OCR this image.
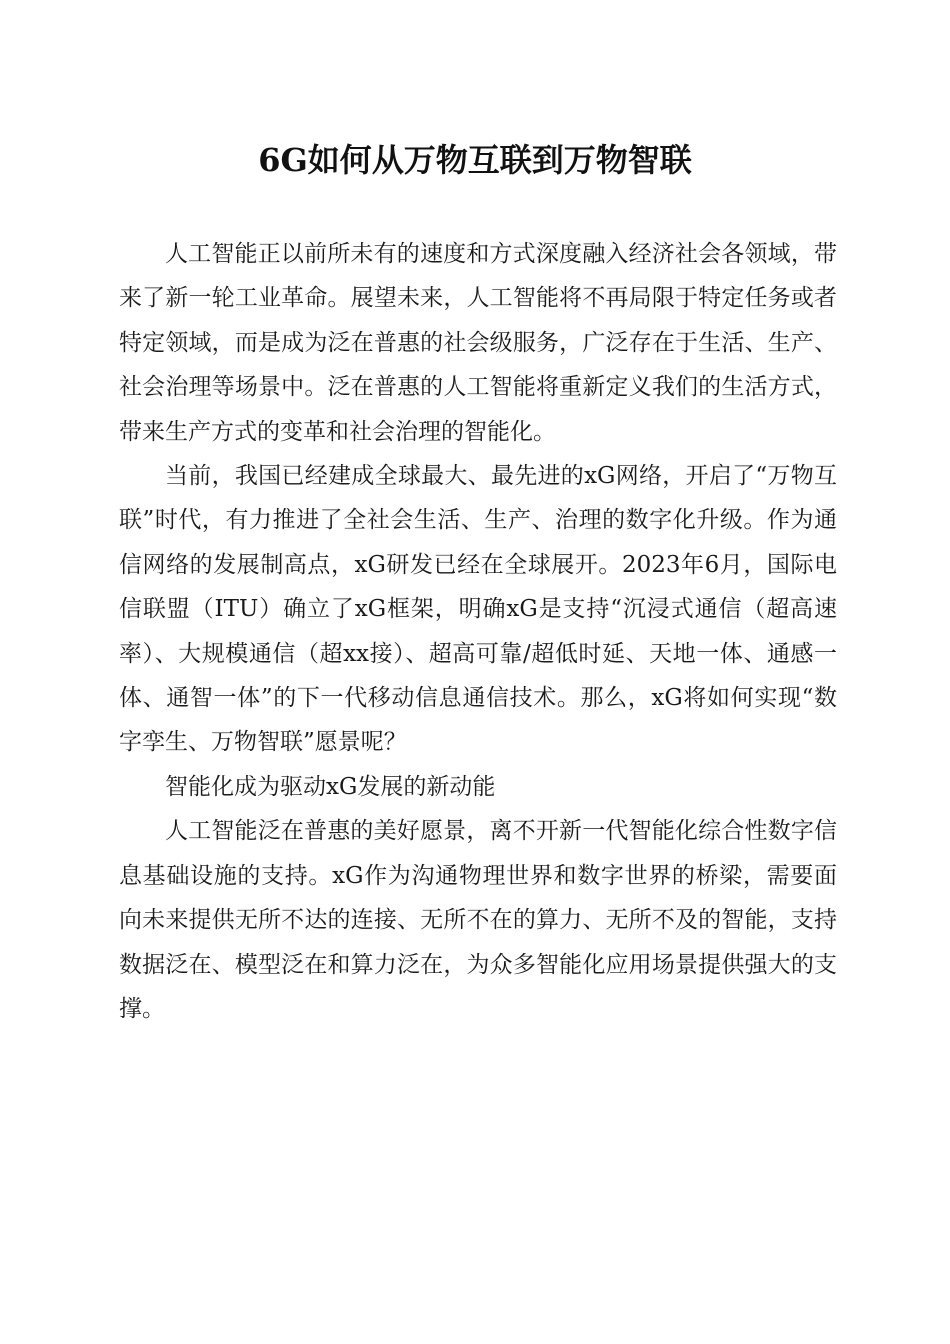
6G如何从万物互联到万物智联

人工智能正以前所未有的速度和方式深度融入经济社会各领域，带来了新一轮工业革命。展望未来，人工智能将不再局限于特定任务或者特定领域，而是成为泛在普惠的社会级服务，广泛存在于生活、生产、社会治理等场景中。泛在普惠的人工智能将重新定义我们的生活方式，带来生产方式的变革和社会治理的智能化。

当前，我国已经建成全球最大、最先进的xG网络，开启了“万物互联”时代，有力推进了全社会生活、生产、治理的数字化升级。作为通信网络的发展制高点，xG研发已经在全球展开。2023年6月，国际电信联盟（ITU）确立了xG框架，明确xG是支持“沉浸式通信（超高速率）、大规模通信（超xx接）、超高可靠/超低时延、天地一体、通感一体、通智一体”的下一代移动信息通信技术。那么，xG将如何实现“数字孪生、万物智联”愿景呢？

智能化成为驱动xG发展的新动能

人工智能泛在普惠的美好愿景，离不开新一代智能化综合性数字信息基础设施的支持。xG作为沟通物理世界和数字世界的桥梁，需要面向未来提供无所不达的连接、无所不在的算力、无所不及的智能，支持数据泛在、模型泛在和算力泛在，为众多智能化应用场景提供强大的支撑。
